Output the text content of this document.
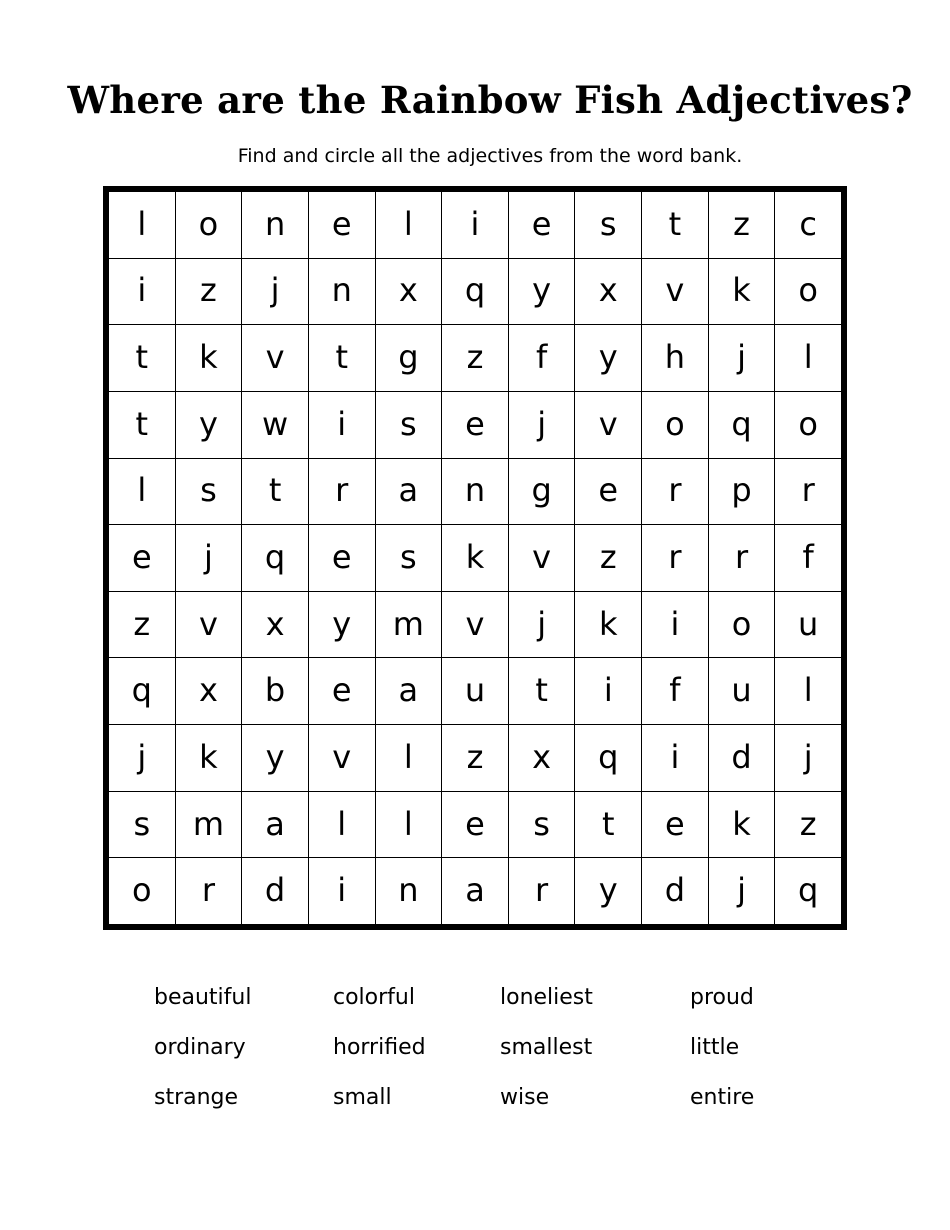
Where are the Rainbow Fish Adjectives?

Find and circle all the adjectives from the word bank.

l	o	n	e	l	i	e	s	t	z	c
i	z	j	n	x	q	y	x	v	k	o
t	k	v	t	g	z	f	y	h	j	l
t	y	w	i	s	e	j	v	o	q	o
l	s	t	r	a	n	g	e	r	p	r
e	j	q	e	s	k	v	z	r	r	f
z	v	x	y	m	v	j	k	i	o	u
q	x	b	e	a	u	t	i	f	u	l
j	k	y	v	l	z	x	q	i	d	j
s	m	a	l	l	e	s	t	e	k	z
o	r	d	i	n	a	r	y	d	j	q
beautiful	colorful	loneliest	proud
ordinary	horrified	smallest	little
strange	small	wise	entire
